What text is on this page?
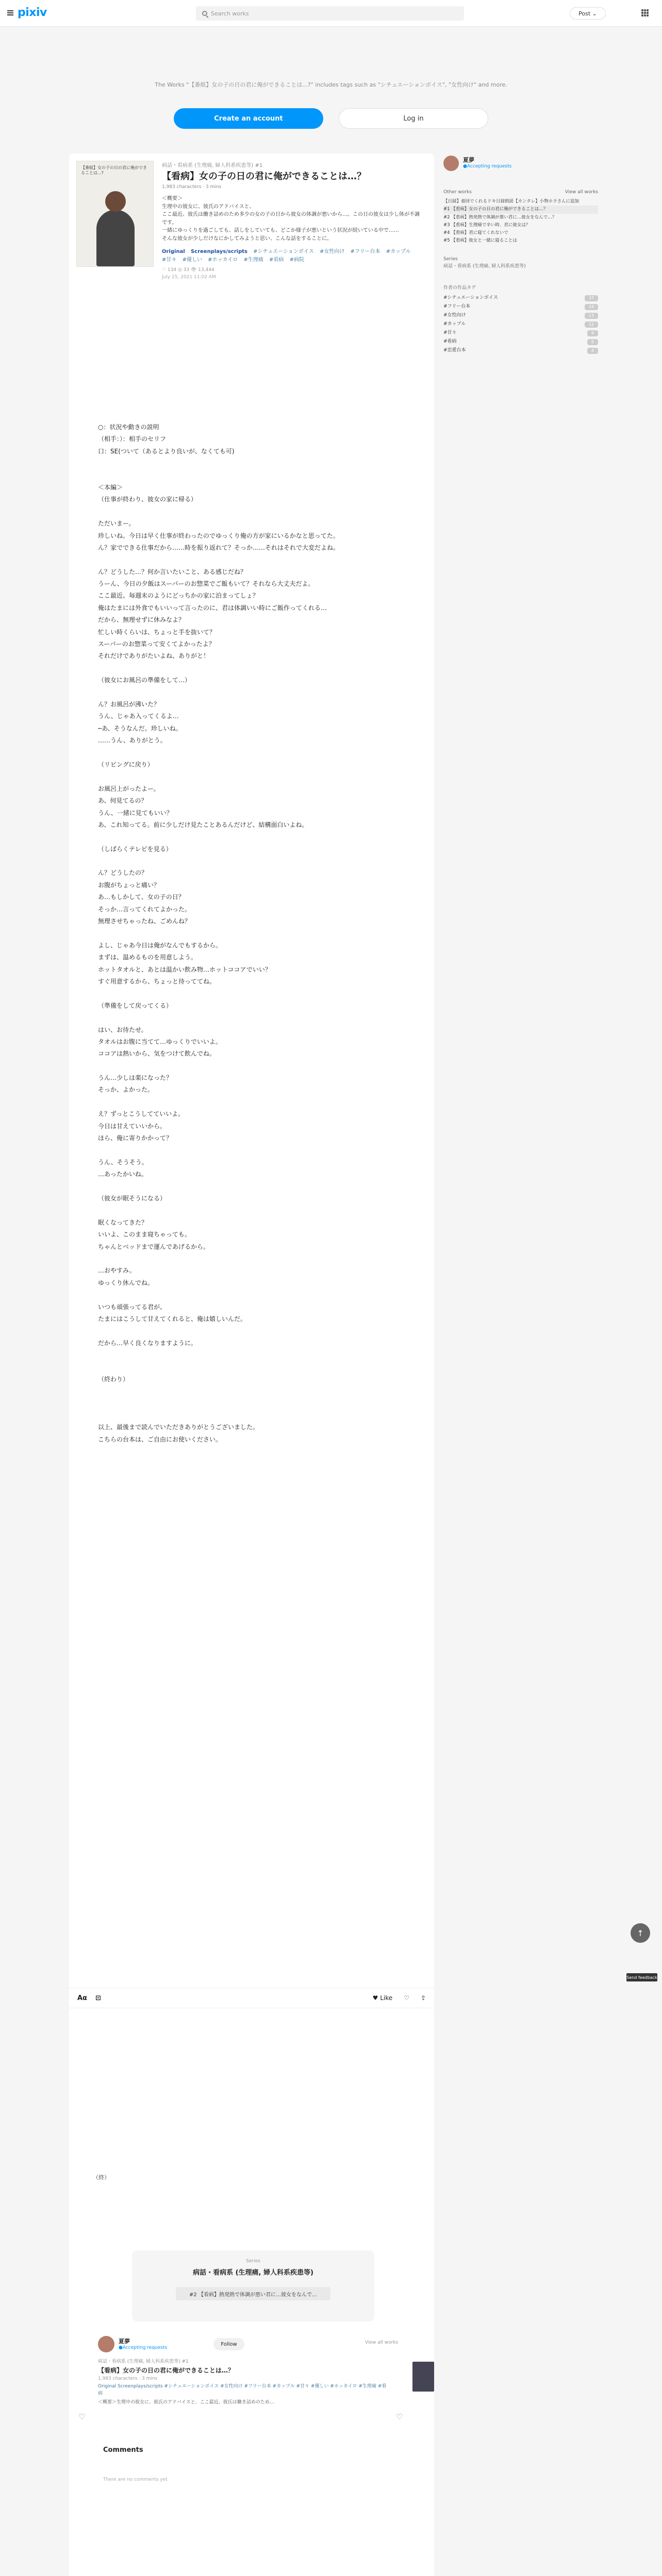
pixiv	Search works	Post ⌄
The Works "【番組】女の子の日の君に俺ができることは...?" includes tags such as "シチュエーションボイス", "女性向け" and more.
Create an account	Log in
【番組】女の子の日の君に俺ができることは...?
病話・看病系 (生理痛, 婦人科系疾患等) #1
【看病】女の子の日の君に俺ができることは…？
1,983 characters · 3 mins
＜概要＞
生理中の彼女に、彼氏のアドバイスと、
ここ最近、彼氏は働き詰めのため多少の女の子の日から彼女の体調が悪いから…。この日の彼女は少し体が不調です。
一緒にゆっくりを過ごしても、話しをしていても、どこか様子が悪いという状況が続いている中で……
そんな彼女が少しだけなにかしてみようと思い、こんな話をすることに。
Original Screenplays/scripts #シチュエーションボイス #女性向け #フリー台本 #カップル #甘々 #優しい #ホッカイロ #生理痛 #看病 #病院
♡ 134 ◎ 33 👁 13,444
July 25, 2021 11:02 AM
○：状況や動きの説明
（相手：）：相手のセリフ
口：SE(ついて（あるとより良いが、なくても可)

＜本編＞
（仕事が終わり、彼女の家に帰る）

ただいまー。
珍しいね。今日は早く仕事が終わったのでゆっくり俺の方が家にいるかなと思ってた。
ん？家でできる仕事だから……時を振り返れて？そっか……それはそれで大変だよね。

ん？どうした…？何か言いたいこと、ある感じだね？
うーん、今日の夕飯はスーパーのお惣菜でご飯もいて？それなら大丈夫だよ。
ここ最近、毎週末のようにどっちかの家に泊まってしょ？
俺はたまには外食でもいいって言ったのに、君は体調いい時にご飯作ってくれる…
だから、無理せずに休みなよ？
忙しい時くらいは、ちょっと手を抜いて？
スーパーのお惣菜って安くてよかったよ？
それだけでありがたいよね、ありがと！

（彼女にお風呂の準備をして…）

ん？お風呂が沸いた？
うん、じゃあ入ってくるよ…
─あ、そうなんだ。珍しいね。
……うん、ありがとう。

（リビングに戻り）

お風呂上がったよー。
あ、何見てるの？
うん、一緒に見てもいい？
あ、これ知ってる。前に少しだけ見たことあるんだけど、結構面白いよね。

（しばらくテレビを見る）

ん？どうしたの？
お腹がちょっと痛い？
あ…もしかして、女の子の日？
そっか…言ってくれてよかった。
無理させちゃったね、ごめんね？

よし、じゃあ今日は俺がなんでもするから。
まずは、温めるものを用意しよう。
ホットタオルと、あとは温かい飲み物…ホットココアでいい？
すぐ用意するから、ちょっと待っててね。

（準備をして戻ってくる）

はい、お待たせ。
タオルはお腹に当てて…ゆっくりでいいよ。
ココアは熱いから、気をつけて飲んでね。

うん…少しは楽になった？
そっか、よかった。

え？ずっとこうしてていいよ。
今日は甘えていいから。
ほら、俺に寄りかかって？

うん、そうそう。
…あったかいね。

（彼女が眠そうになる）

眠くなってきた？
いいよ、このまま寝ちゃっても。
ちゃんとベッドまで運んであげるから。

…おやすみ。
ゆっくり休んでね。

いつも頑張ってる君が、
たまにはこうして甘えてくれると、俺は嬉しいんだ。

だから…早く良くなりますように。

（終わり）

以上、最後まで読んでいただきありがとうございました。
こちらの台本は、ご自由にお使いください。

↑
Send feedback
Aα ⊡	♥ Like ♡ ⇪
（終）
Series
病話・看病系 (生理痛, 婦人科系疾患等)
#2 【看病】熱発熱で体調が悪い君に…彼女をなんで…
夏夢
●Accepting requests
Follow	View all works
病話・看病系 (生理痛, 婦人科系疾患等) #1
【看病】女の子の日の君に俺ができることは…？
1,983 characters · 3 mins
Original Screenplays/scripts #シチュエーションボイス #女性向け #フリー台本 #カップル #甘々 #優しい #ホッカイロ #生理痛 #看病
＜概要＞生理中の彼女に、彼氏のアドバイスと、ここ最近、彼氏は働き詰めのため…
♡	♡
Comments
There are no comments yet
夏夢
●Accepting requests
Other works	View all works
【日録】着回でくれるドキ日録朗読【カンタレ】小物ホラさんに追加
#1 【看病】女の子の日の君に俺ができることは…？
#2 【看病】熱発熱で体調が悪い君に…彼女をなんで…？
#3 【看病】生理痛で辛い時、君に彼女は？
#4 【看病】君に寝てくれないで
#5 【看病】彼女と一緒に寝ることは
Series
病話・看病系 (生理痛, 婦人科系疾患等)
作者の作品タグ
#シチュエーションボイス	37
#フリー台本	24
#女性向け	13
#カップル	12
#甘々	9
#看病	5
#恋愛台本	4
